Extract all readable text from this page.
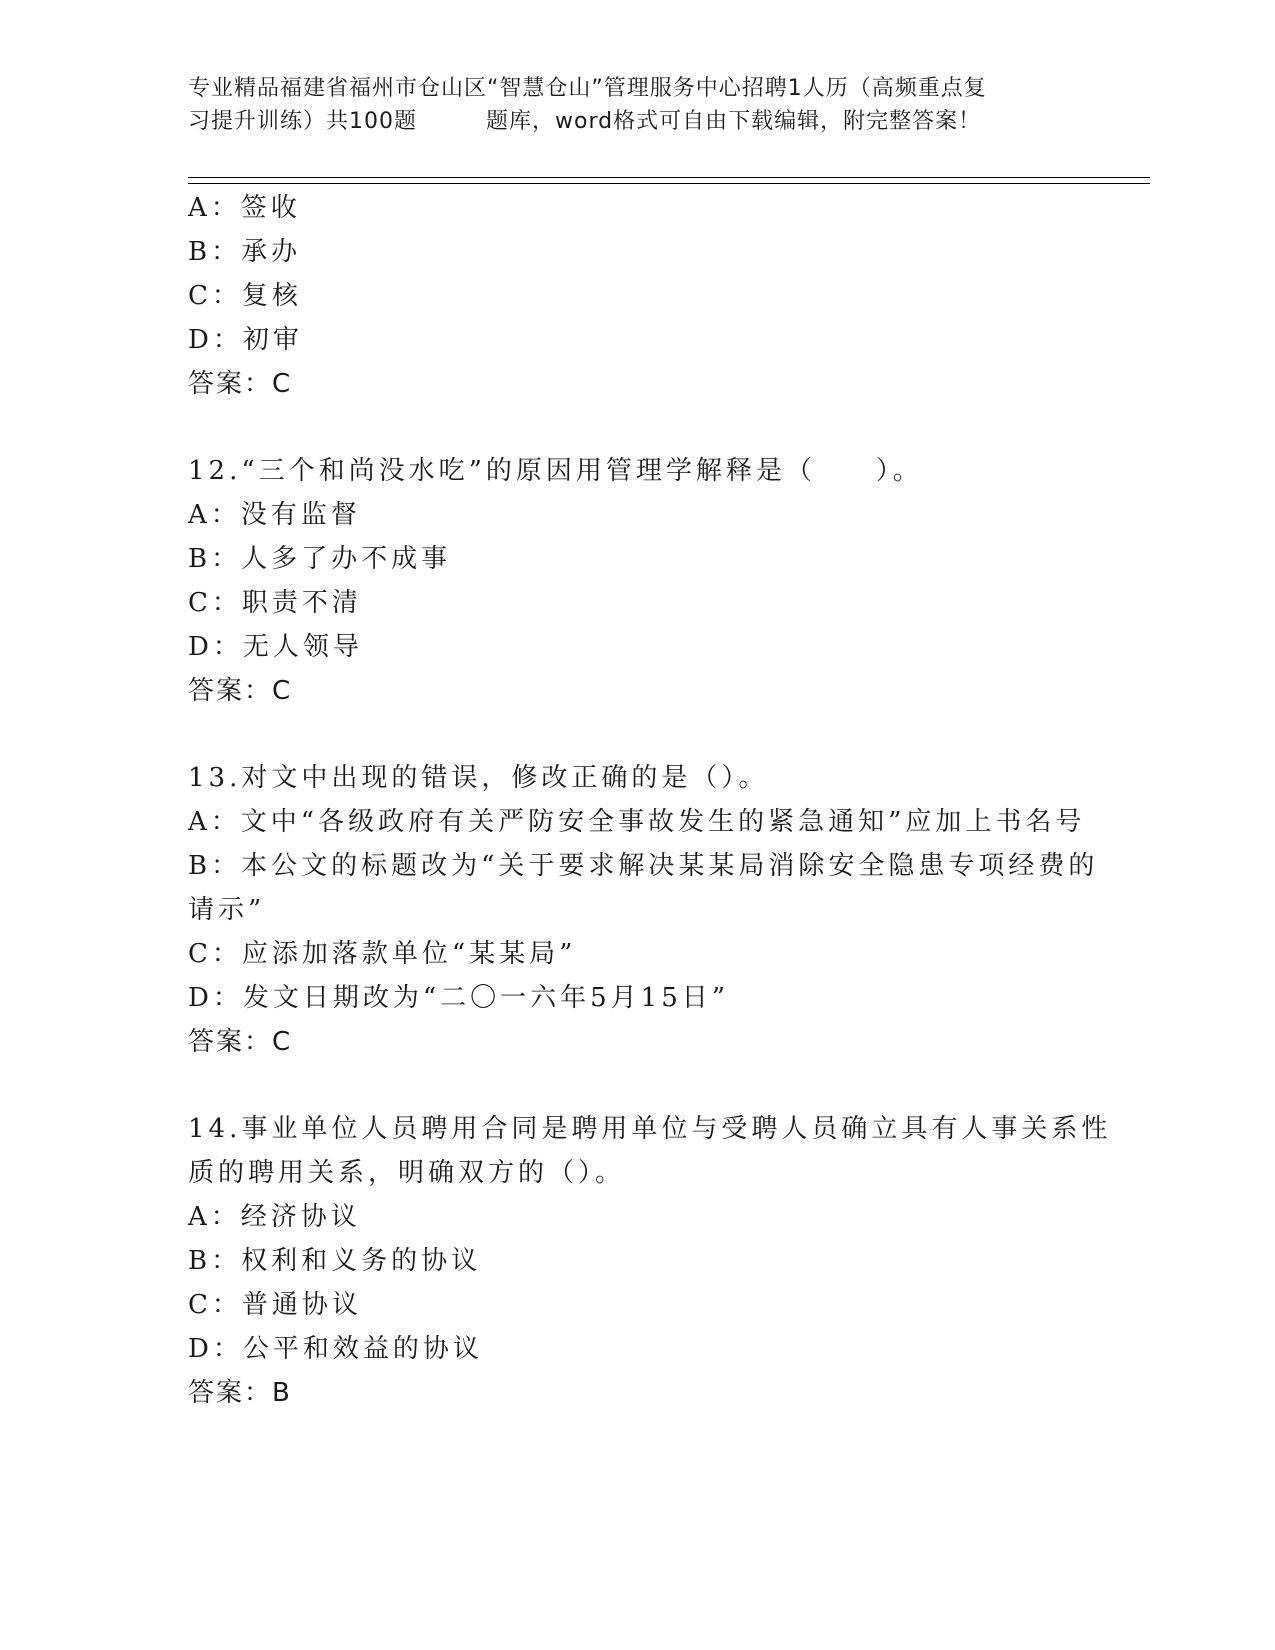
专业精品福建省福州市仓山区“智慧仓山”管理服务中心招聘1人历（高频重点复
习提升训练）共100题　　　题库，word格式可自由下载编辑，附完整答案！
A：签收
B：承办
C：复核
D：初审
答案：C
12.“三个和尚没水吃”的原因用管理学解释是（　　）。
A：没有监督
B：人多了办不成事
C：职责不清
D：无人领导
答案：C
13.对文中出现的错误，修改正确的是（）。
A：文中“各级政府有关严防安全事故发生的紧急通知”应加上书名号
B：本公文的标题改为“关于要求解决某某局消除安全隐患专项经费的
请示”
C：应添加落款单位“某某局”
D：发文日期改为“二〇一六年5月15日”
答案：C
14.事业单位人员聘用合同是聘用单位与受聘人员确立具有人事关系性
质的聘用关系，明确双方的（）。
A：经济协议
B：权利和义务的协议
C：普通协议
D：公平和效益的协议
答案：B
